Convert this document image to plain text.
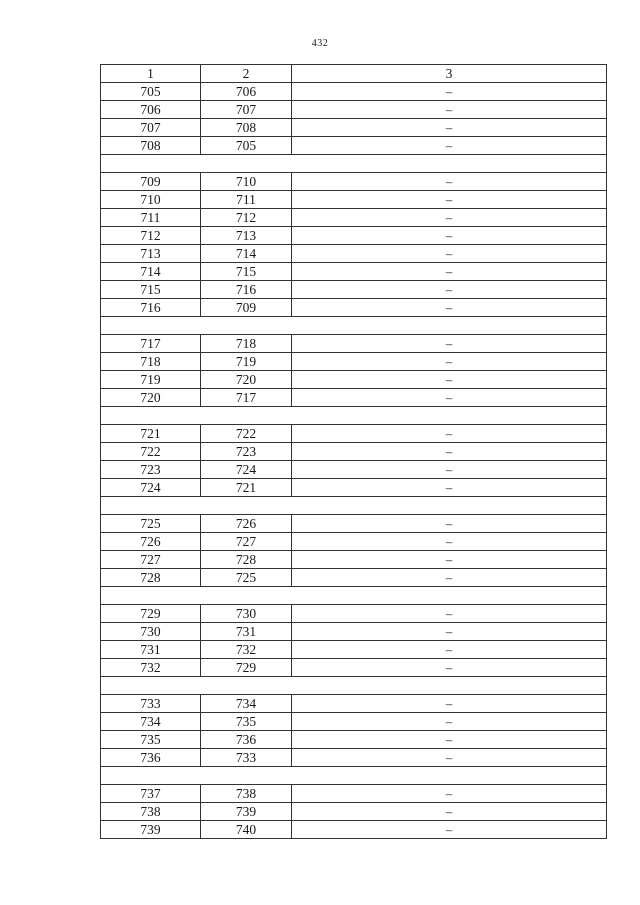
432
1	2	3
705	706	–
706	707	–
707	708	–
708	705	–

709	710	–
710	711	–
711	712	–
712	713	–
713	714	–
714	715	–
715	716	–
716	709	–

717	718	–
718	719	–
719	720	–
720	717	–

721	722	–
722	723	–
723	724	–
724	721	–

725	726	–
726	727	–
727	728	–
728	725	–

729	730	–
730	731	–
731	732	–
732	729	–

733	734	–
734	735	–
735	736	–
736	733	–

737	738	–
738	739	–
739	740	–
